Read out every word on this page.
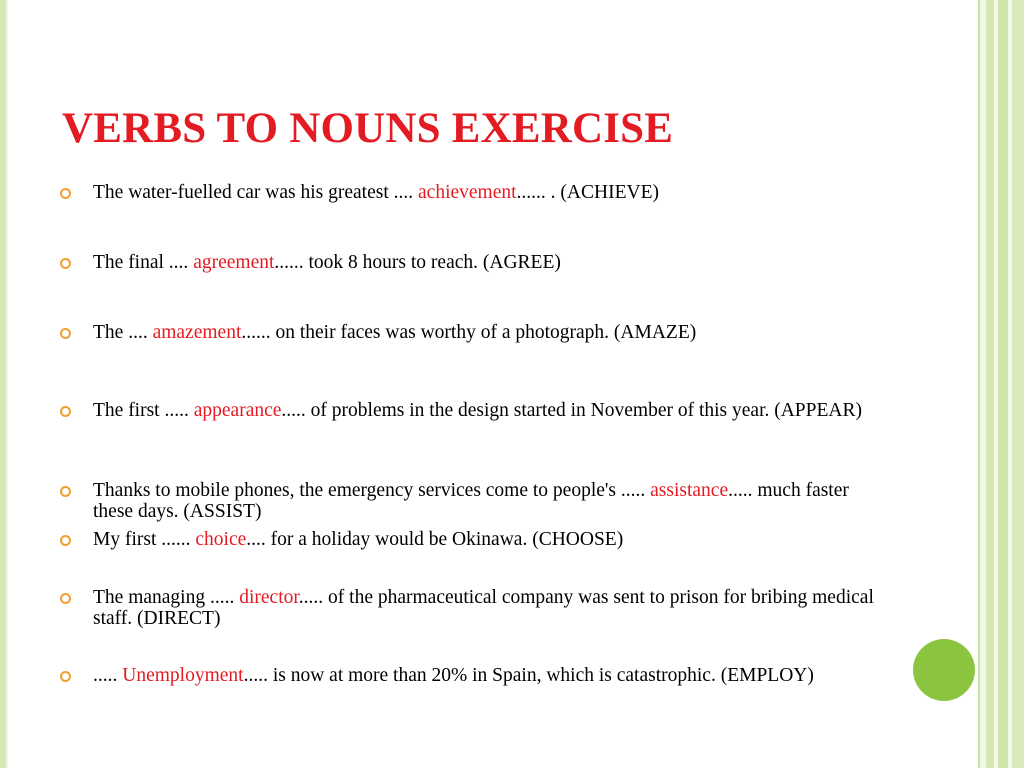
VERBS TO NOUNS EXERCISE
The water-fuelled car was his greatest .... achievement...... . (ACHIEVE)
The final .... agreement...... took 8 hours to reach. (AGREE)
The .... amazement...... on their faces was worthy of a photograph. (AMAZE)
The first ..... appearance..... of problems in the design started in November of this year. (APPEAR)
Thanks to mobile phones, the emergency services come to people's ..... assistance..... much faster these days. (ASSIST)
My first ...... choice.... for a holiday would be Okinawa. (CHOOSE)
The managing ..... director..... of the pharmaceutical company was sent to prison for bribing medical staff. (DIRECT)
..... Unemployment..... is now at more than 20% in Spain, which is catastrophic. (EMPLOY)
